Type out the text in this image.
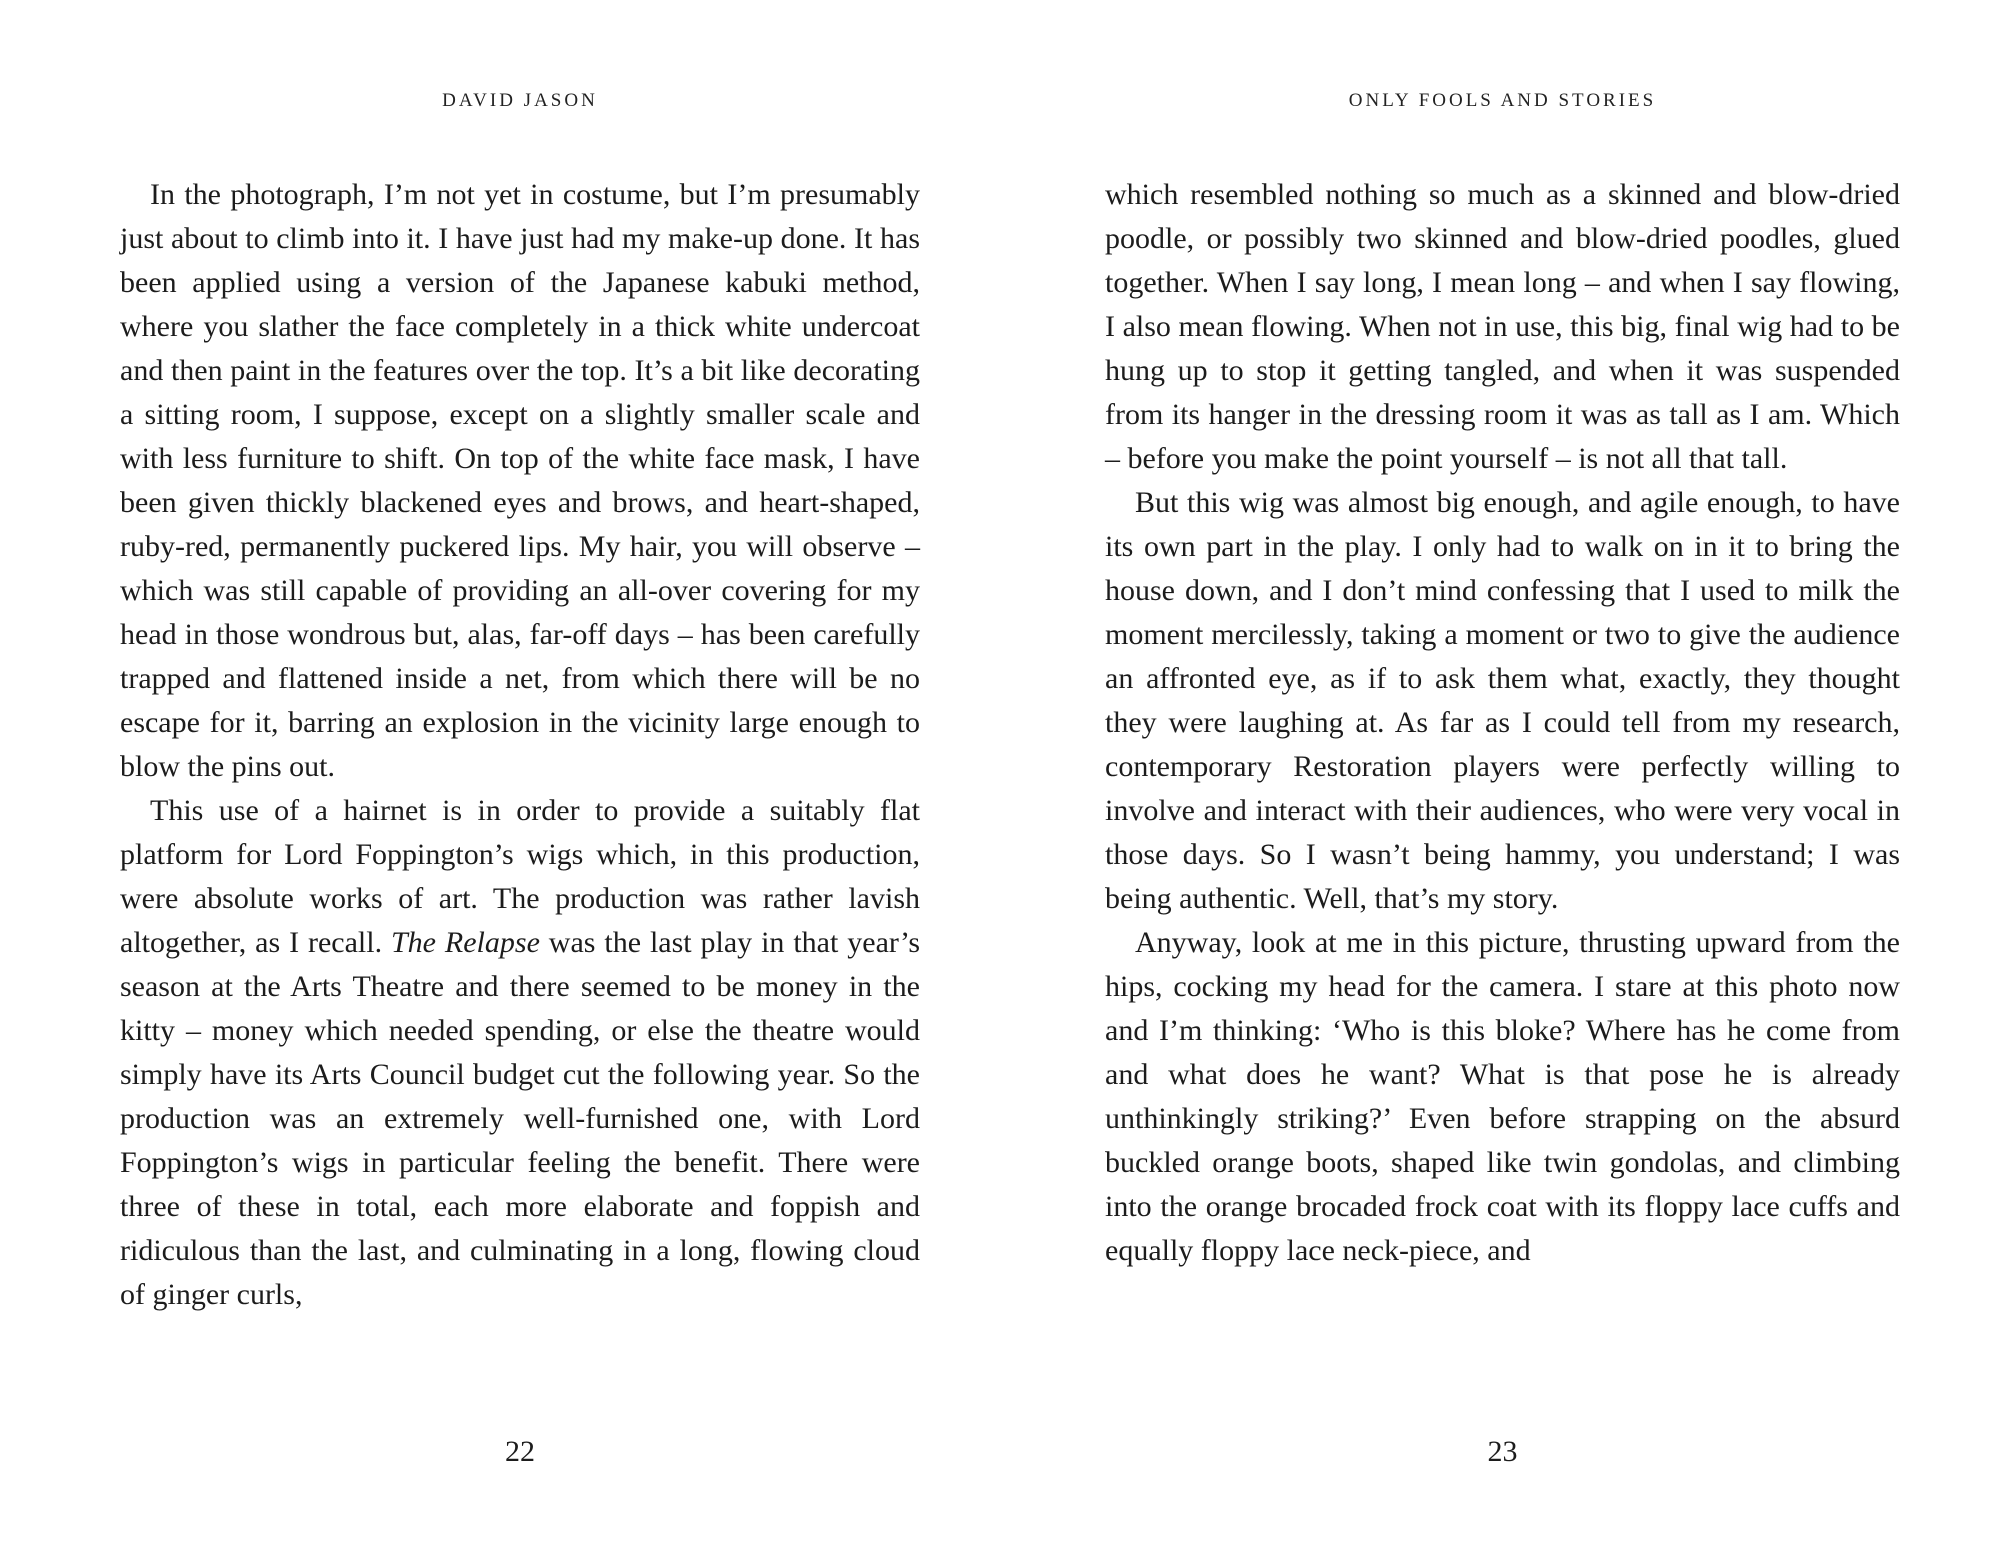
DAVID JASON

In the photograph, I’m not yet in costume, but I’m presumably just about to climb into it. I have just had my make-up done. It has been applied using a version of the Japanese kabuki method, where you slather the face completely in a thick white undercoat and then paint in the features over the top. It’s a bit like decorating a sitting room, I suppose, except on a slightly smaller scale and with less furniture to shift. On top of the white face mask, I have been given thickly blackened eyes and brows, and heart-shaped, ruby-red, permanently puckered lips. My hair, you will observe – which was still capable of providing an all-over covering for my head in those wondrous but, alas, far-off days – has been carefully trapped and flattened inside a net, from which there will be no escape for it, barring an explosion in the vicinity large enough to blow the pins out.

This use of a hairnet is in order to provide a suitably flat platform for Lord Foppington’s wigs which, in this production, were absolute works of art. The production was rather lavish altogether, as I recall. The Relapse was the last play in that year’s season at the Arts Theatre and there seemed to be money in the kitty – money which needed spending, or else the theatre would simply have its Arts Council budget cut the following year. So the production was an extremely well-furnished one, with Lord Foppington’s wigs in particular feeling the benefit. There were three of these in total, each more elaborate and foppish and ridiculous than the last, and culminating in a long, flowing cloud of ginger curls,

22
ONLY FOOLS AND STORIES

which resembled nothing so much as a skinned and blow-dried poodle, or possibly two skinned and blow-dried poodles, glued together. When I say long, I mean long – and when I say flowing, I also mean flowing. When not in use, this big, final wig had to be hung up to stop it getting tangled, and when it was suspended from its hanger in the dressing room it was as tall as I am. Which – before you make the point yourself – is not all that tall.

But this wig was almost big enough, and agile enough, to have its own part in the play. I only had to walk on in it to bring the house down, and I don’t mind confessing that I used to milk the moment mercilessly, taking a moment or two to give the audience an affronted eye, as if to ask them what, exactly, they thought they were laughing at. As far as I could tell from my research, contemporary Restoration players were perfectly willing to involve and interact with their audiences, who were very vocal in those days. So I wasn’t being hammy, you understand; I was being authentic. Well, that’s my story.

Anyway, look at me in this picture, thrusting upward from the hips, cocking my head for the camera. I stare at this photo now and I’m thinking: ‘Who is this bloke? Where has he come from and what does he want? What is that pose he is already unthinkingly striking?’ Even before strapping on the absurd buckled orange boots, shaped like twin gondolas, and climbing into the orange brocaded frock coat with its floppy lace cuffs and equally floppy lace neck-piece, and

23
